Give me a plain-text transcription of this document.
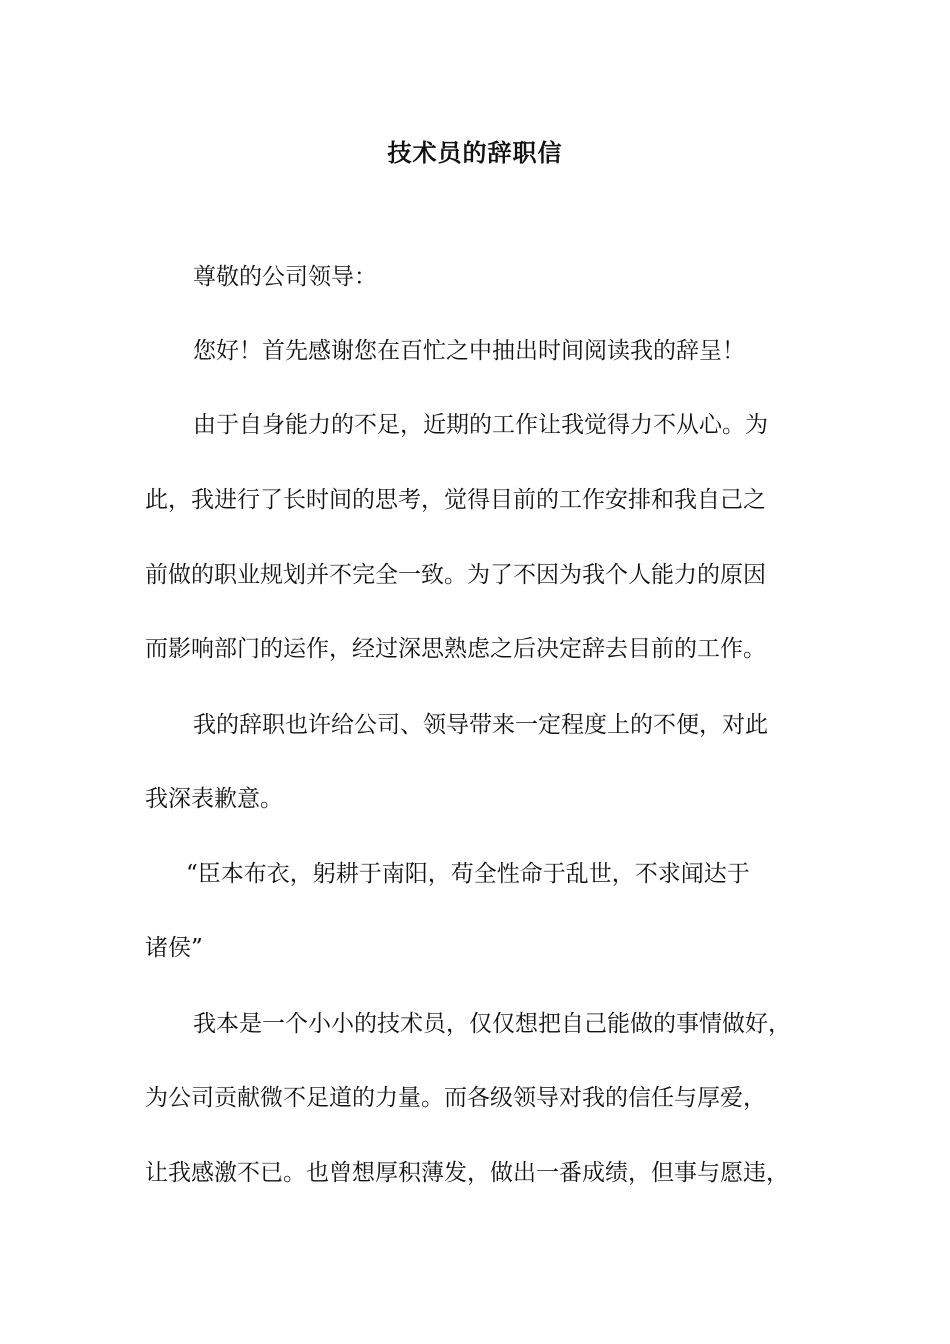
技术员的辞职信

尊敬的公司领导：

您好！首先感谢您在百忙之中抽出时间阅读我的辞呈！

由于自身能力的不足，近期的工作让我觉得力不从心。为

此，我进行了长时间的思考，觉得目前的工作安排和我自己之

前做的职业规划并不完全一致。为了不因为我个人能力的原因

而影响部门的运作，经过深思熟虑之后决定辞去目前的工作。

我的辞职也许给公司、领导带来一定程度上的不便，对此

我深表歉意。

“臣本布衣，躬耕于南阳，苟全性命于乱世，不求闻达于

诸侯”

我本是一个小小的技术员，仅仅想把自己能做的事情做好，

为公司贡献微不足道的力量。而各级领导对我的信任与厚爱，

让我感激不已。也曾想厚积薄发，做出一番成绩，但事与愿违，
